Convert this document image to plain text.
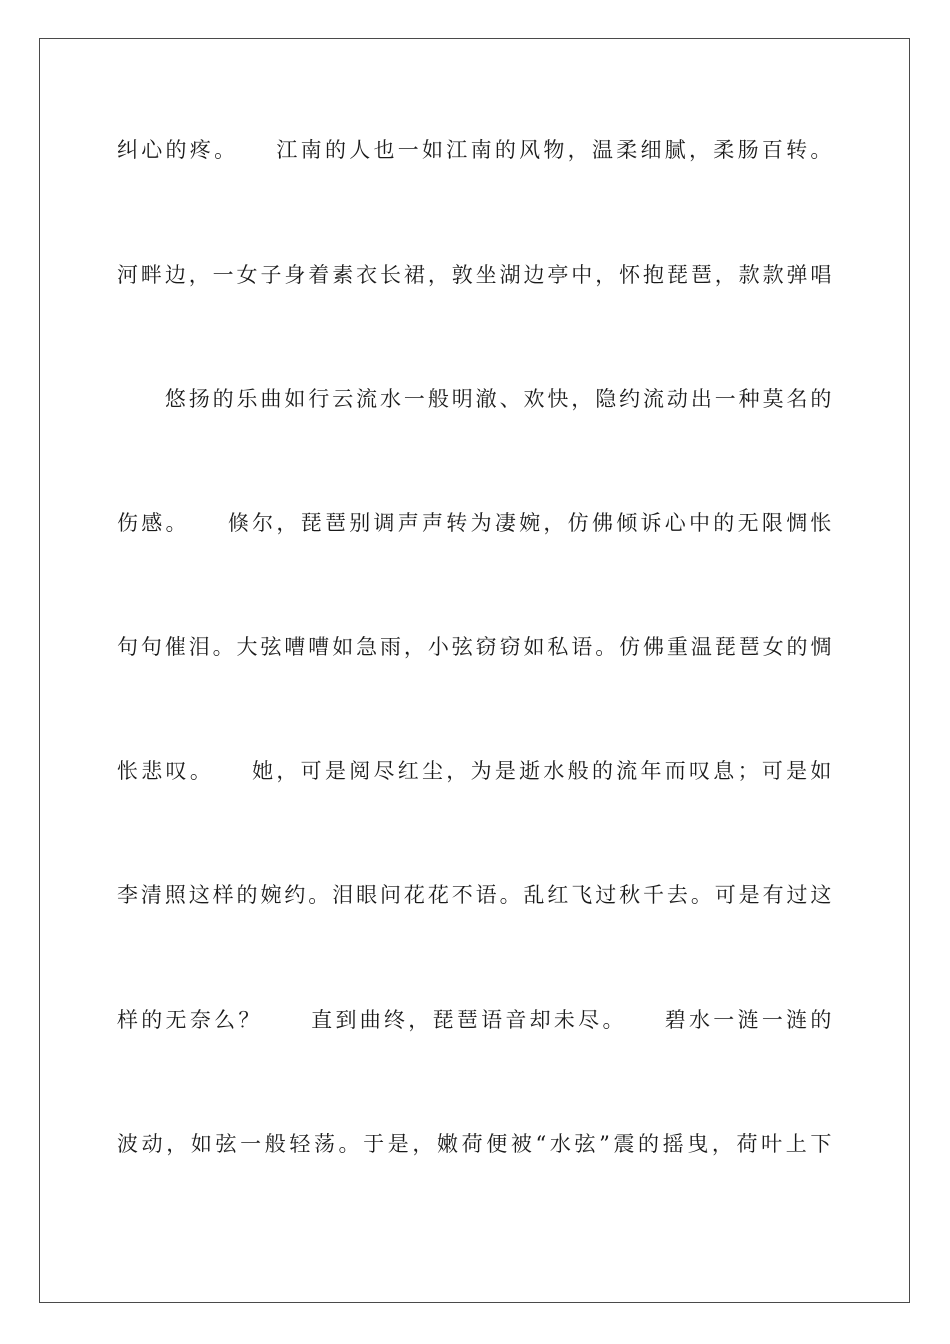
纠心的疼。　　江南的人也一如江南的风物，温柔细腻，柔肠百转。
河畔边，一女子身着素衣长裙，敦坐湖边亭中，怀抱琵琶，款款弹唱
　　悠扬的乐曲如行云流水一般明澈、欢快，隐约流动出一种莫名的
伤感。　　倏尔，琵琶别调声声转为凄婉，仿佛倾诉心中的无限惆怅
句句催泪。大弦嘈嘈如急雨，小弦窃窃如私语。仿佛重温琵琶女的惆
怅悲叹。　　她，可是阅尽红尘，为是逝水般的流年而叹息；可是如
李清照这样的婉约。泪眼问花花不语。乱红飞过秋千去。可是有过这
样的无奈么？　　直到曲终，琵琶语音却未尽。　　碧水一涟一涟的
波动，如弦一般轻荡。于是，嫩荷便被“水弦”震的摇曳，荷叶上下
